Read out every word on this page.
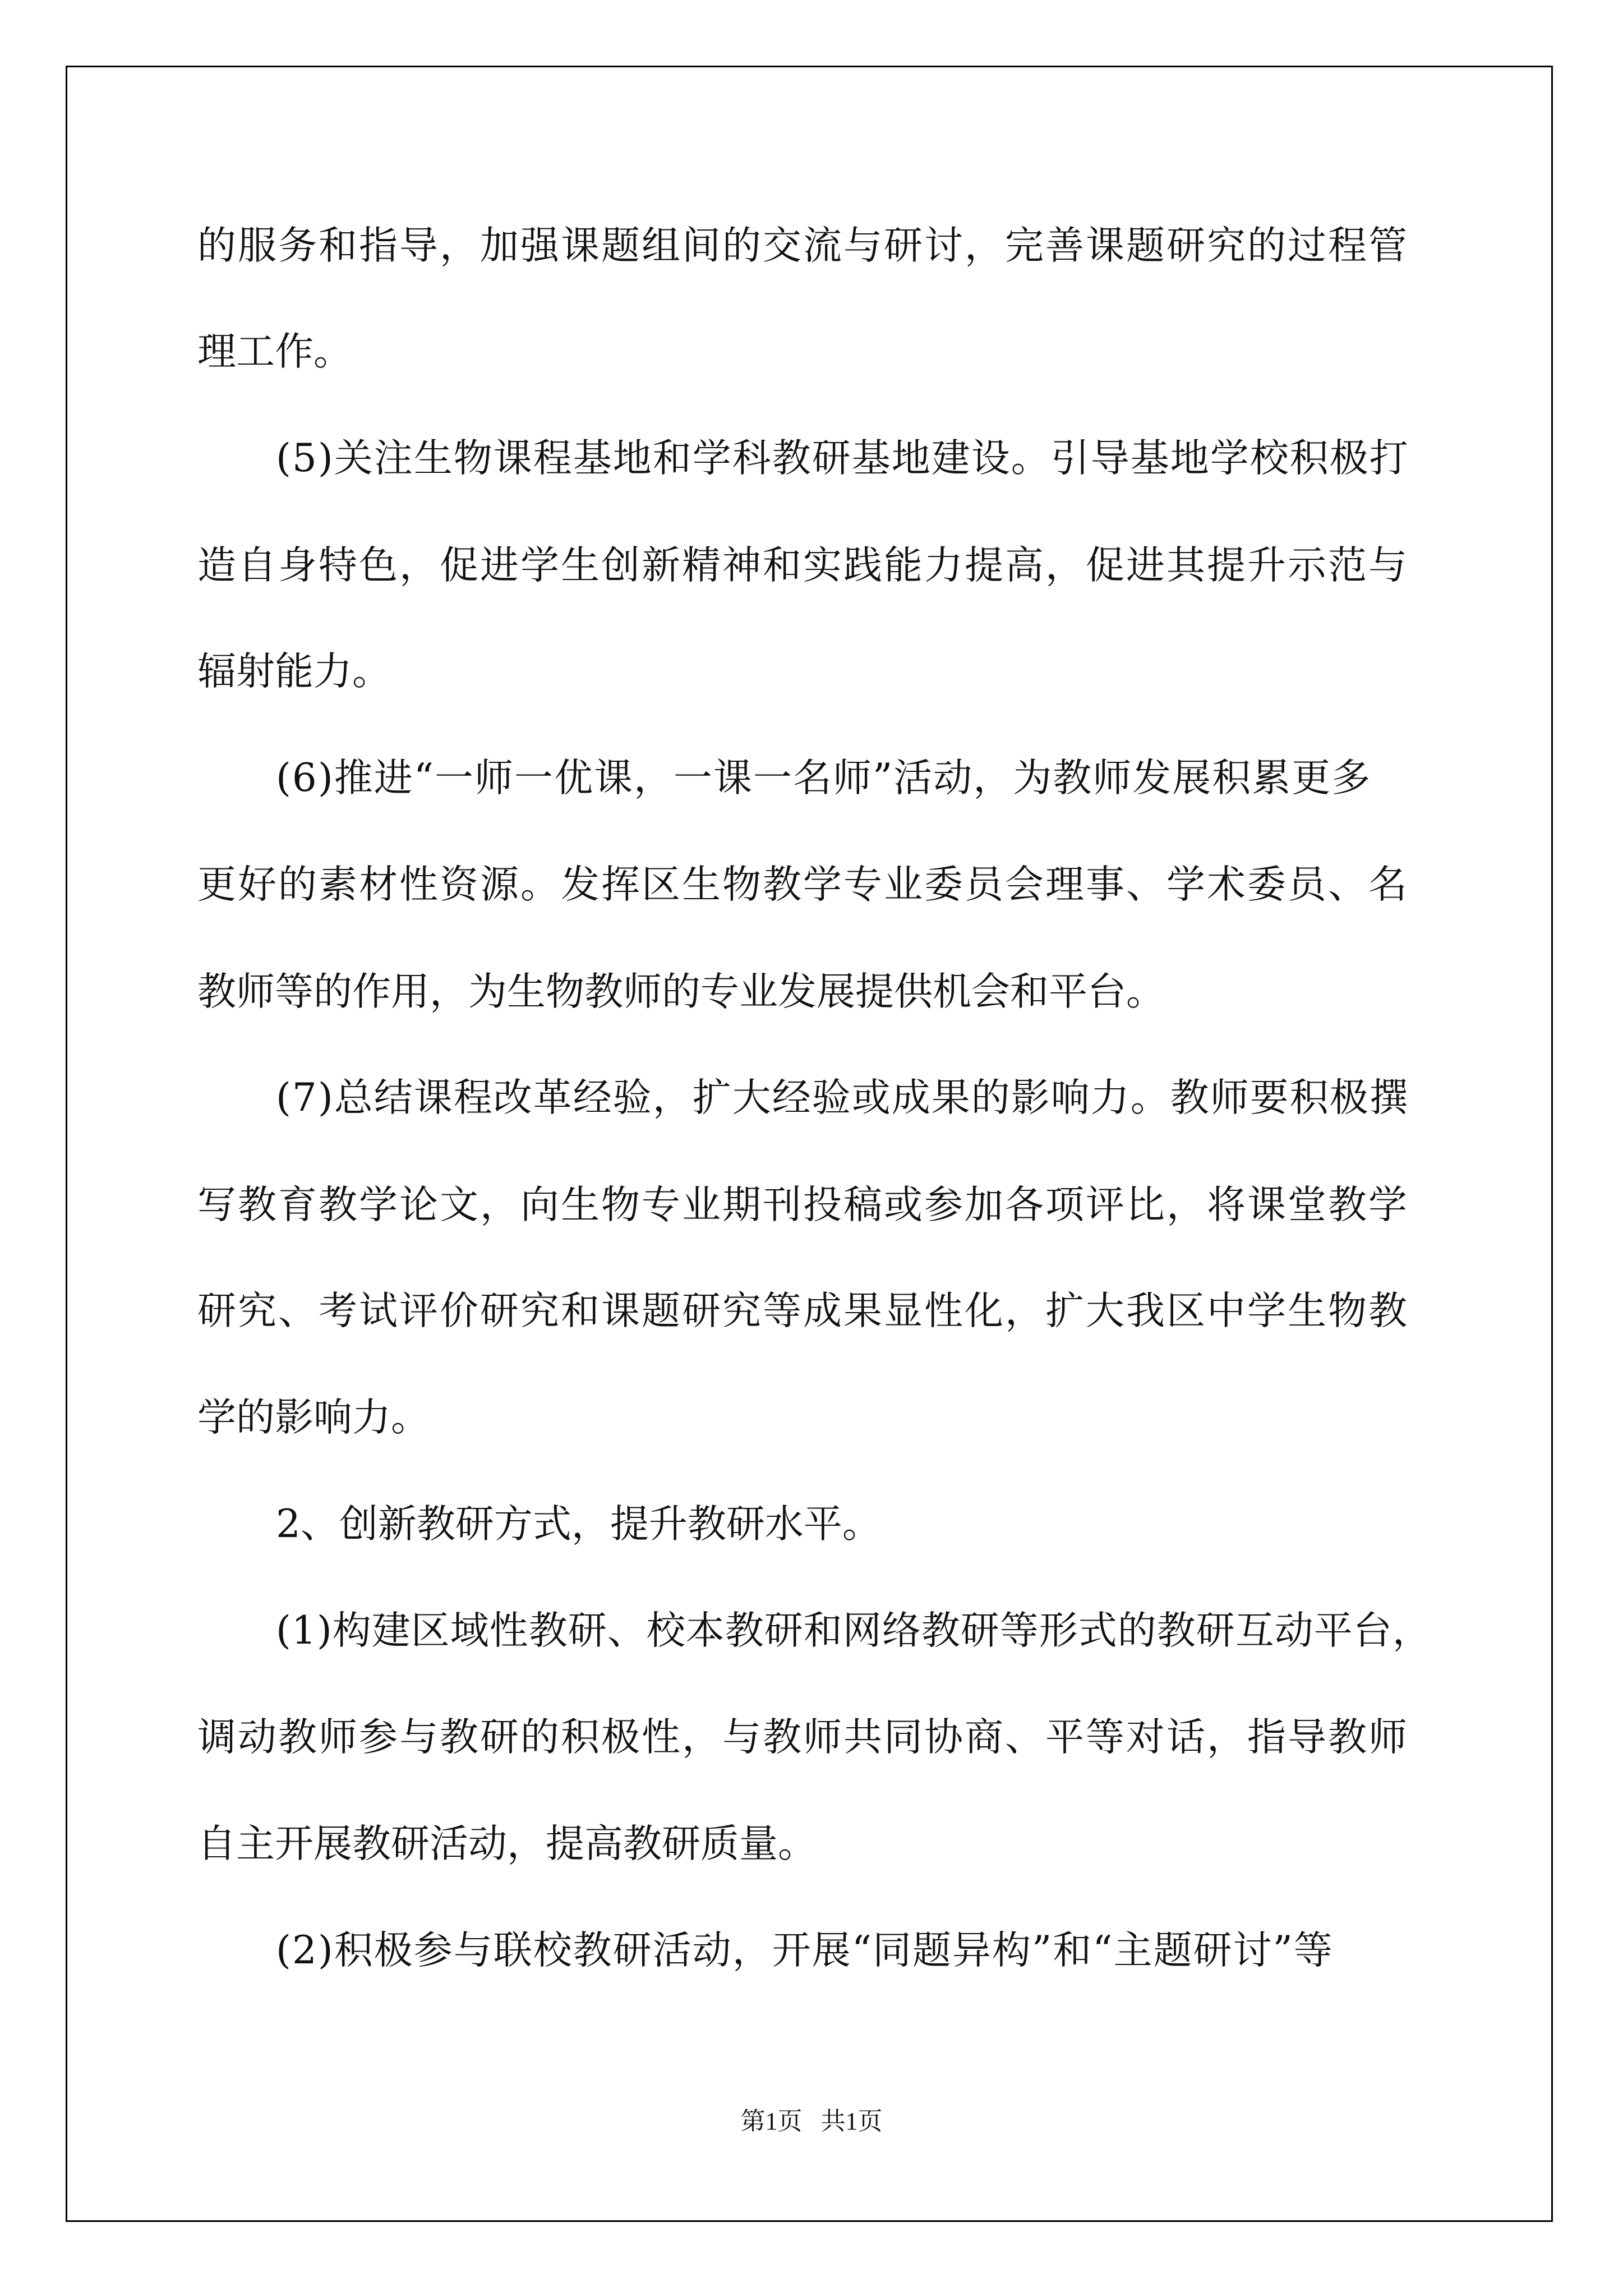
的服务和指导，加强课题组间的交流与研讨，完善课题研究的过程管
理工作。
(5)关注生物课程基地和学科教研基地建设。引导基地学校积极打
造自身特色，促进学生创新精神和实践能力提高，促进其提升示范与
辐射能力。
(6)推进“一师一优课，一课一名师”活动，为教师发展积累更多
更好的素材性资源。发挥区生物教学专业委员会理事、学术委员、名
教师等的作用，为生物教师的专业发展提供机会和平台。
(7)总结课程改革经验，扩大经验或成果的影响力。教师要积极撰
写教育教学论文，向生物专业期刊投稿或参加各项评比，将课堂教学
研究、考试评价研究和课题研究等成果显性化，扩大我区中学生物教
学的影响力。
2、创新教研方式，提升教研水平。
(1)构建区域性教研、校本教研和网络教研等形式的教研互动平台，
调动教师参与教研的积极性，与教师共同协商、平等对话，指导教师
自主开展教研活动，提高教研质量。
(2)积极参与联校教研活动，开展“同题异构”和“主题研讨”等
第1页   共1页
